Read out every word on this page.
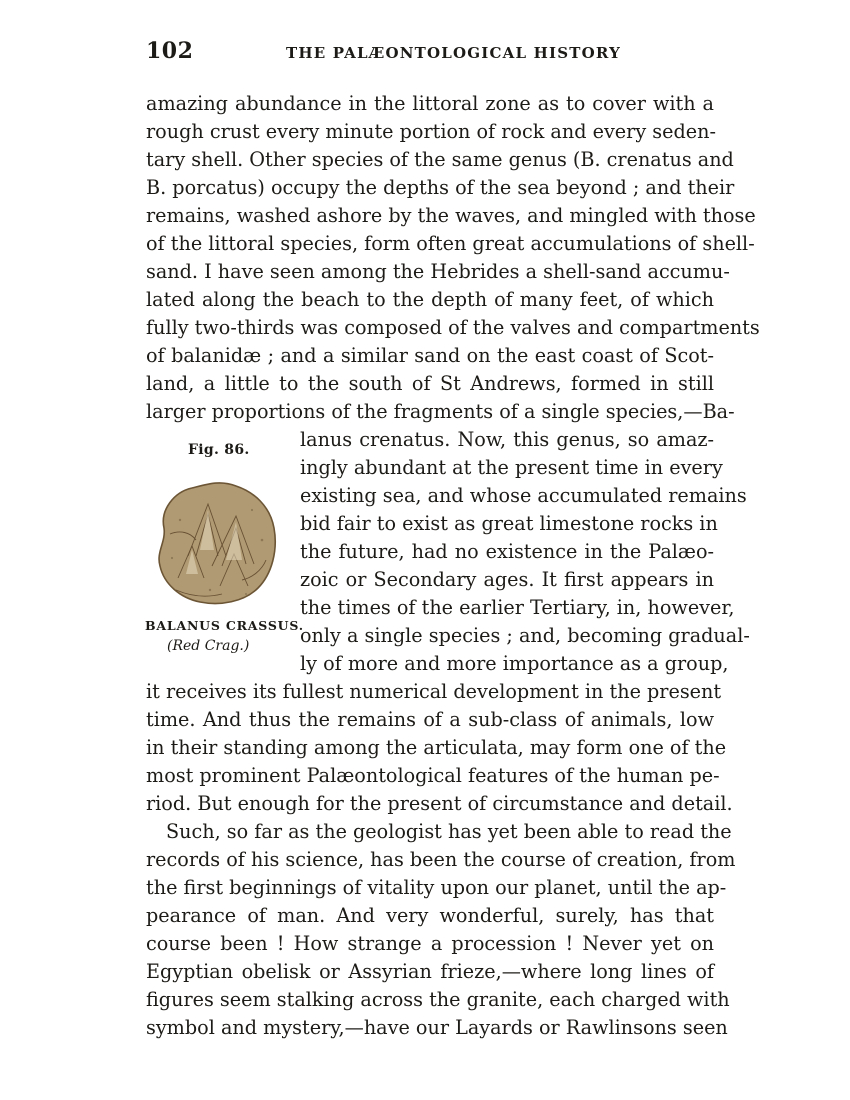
102	THE PALÆONTOLOGICAL HISTORY
amazing abundance in the littoral zone as to cover with a
rough crust every minute portion of rock and every seden-
tary shell. Other species of the same genus (B. crenatus and
B. porcatus) occupy the depths of the sea beyond ; and their
remains, washed ashore by the waves, and mingled with those
of the littoral species, form often great accumulations of shell-
sand. I have seen among the Hebrides a shell-sand accumu-
lated along the beach to the depth of many feet, of which
fully two-thirds was composed of the valves and compartments
of balanidæ ; and a similar sand on the east coast of Scot-
land, a little to the south of St Andrews, formed in still
larger proportions of the fragments of a single species,—Ba-
lanus crenatus. Now, this genus, so amaz-
ingly abundant at the present time in every
existing sea, and whose accumulated remains
bid fair to exist as great limestone rocks in
the future, had no existence in the Palæo-
zoic or Secondary ages. It first appears in
the times of the earlier Tertiary, in, however,
only a single species ; and, becoming gradual-
ly of more and more importance as a group,
it receives its fullest numerical development in the present
time. And thus the remains of a sub-class of animals, low
in their standing among the articulata, may form one of the
most prominent Palæontological features of the human pe-
riod. But enough for the present of circumstance and detail.
Such, so far as the geologist has yet been able to read the
records of his science, has been the course of creation, from
the first beginnings of vitality upon our planet, until the ap-
pearance of man. And very wonderful, surely, has that
course been ! How strange a procession ! Never yet on
Egyptian obelisk or Assyrian frieze,—where long lines of
figures seem stalking across the granite, each charged with
symbol and mystery,—have our Layards or Rawlinsons seen
Fig. 86.
BALANUS CRASSUS.
(Red Crag.)
